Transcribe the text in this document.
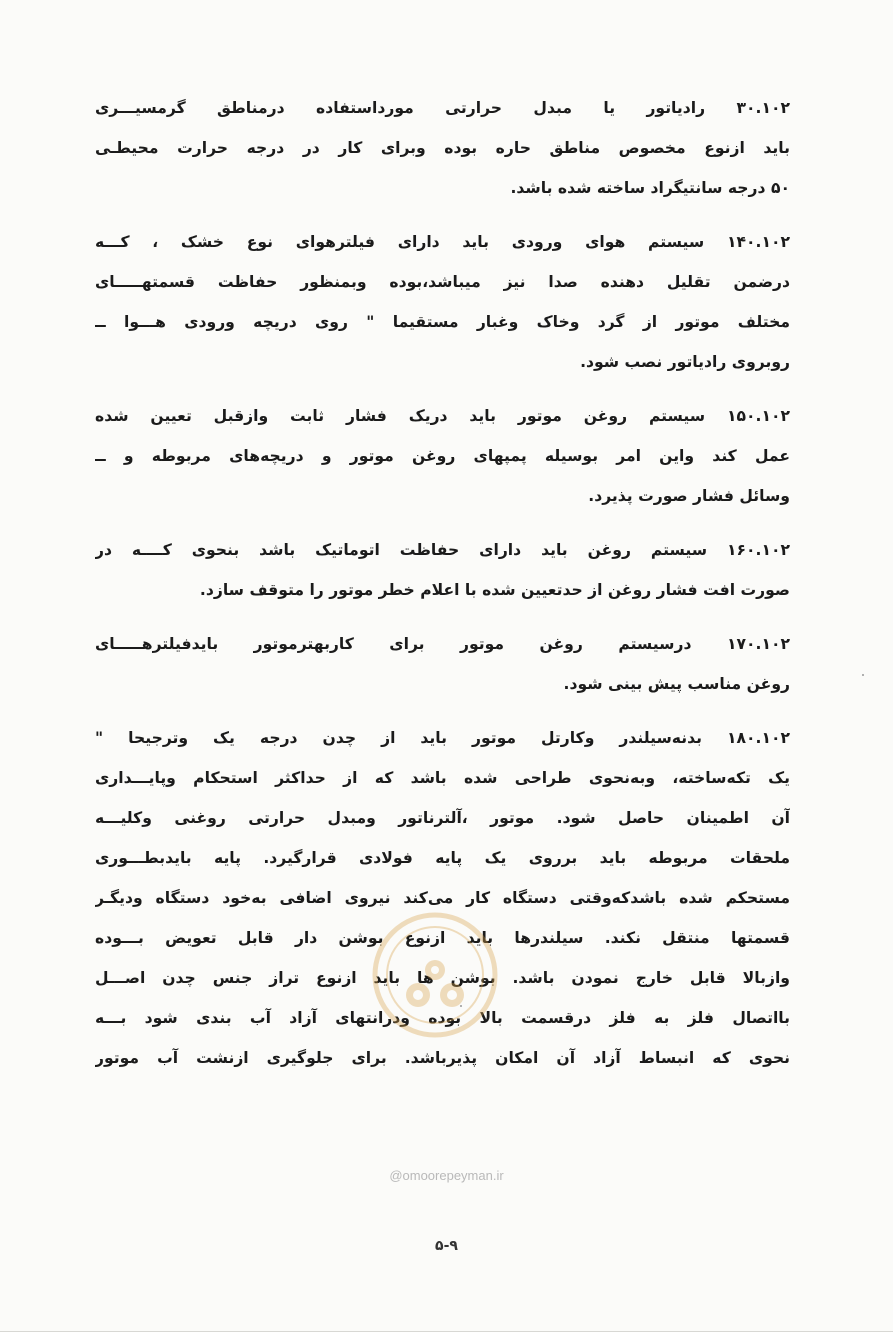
۳۰.۱۰۲ رادیاتور یا مبدل حرارتی مورداستفاده درمناطق گرمسیـــری
باید ازنوع مخصوص مناطق حاره بوده وبرای کار در درجه حرارت محیطـی
۵۰ درجه سانتیگراد ساخته شده باشد.
۱۴۰.۱۰۲ سیستم هوای ورودی باید دارای فیلترهوای نوع خشک ، کـــه
درضمن تقلیل دهنده صدا نیز میباشد،بوده وبمنظور حفاظت قسمتهـــــای
مختلف موتور از گرد وخاک وغبار مستقیما " روی دریچه ورودی هـــوا ــ
روبروی رادیاتور نصب شود.
۱۵۰.۱۰۲ سیستم روغن موتور باید دریک فشار ثابت وازقبل تعیین شده
عمل کند واین امر بوسیله پمپهای روغن موتور و دریچه‌های مربوطه و ــ
وسائل فشار صورت پذیرد.
۱۶۰.۱۰۲ سیستم روغن باید دارای حفاظت اتوماتیک باشد بنحوی کــــه در
صورت افت فشار روغن از حدتعیین شده با اعلام خطر موتور را متوقف سازد.
۱۷۰.۱۰۲ درسیستم روغن موتور برای کاربهترموتور بایدفیلترهـــــای
روغن مناسب پیش بینی شود.
۱۸۰.۱۰۲ بدنه‌سیلندر وکارتل موتور باید از چدن درجه یک وترجیحا "
یک تکه‌ساخته، وبه‌نحوی طراحی شده باشد که از حداکثر استحکام وپایـــداری
آن اطمینان حاصل شود. موتور ،آلترناتور ومبدل حرارتی روغنی وکلیـــه
ملحقات مربوطه باید برروی یک پایه فولادی قرارگیرد. پایه بایدبطـــوری
مستحکم شده باشدکه‌وقتی دستگاه کار می‌کند نیروی اضافی به‌خود دستگاه ودیگـر
قسمتها منتقل نکند. سیلندرها باید ازنوع بوشن دار قابل تعویض بـــوده
وازبالا قابل خارج نمودن باشد. بوشن ها باید ازنوع تراز جنس چدن اصـــل
بااتصال فلز به فلز درقسمت بالا بوده ودرانتهای آزاد آب بندی شود بـــه
نحوی که انبساط آزاد آن امکان پذیرباشد. برای جلوگیری ازنشت آب موتور
@omoorepeyman.ir
۵-۹
